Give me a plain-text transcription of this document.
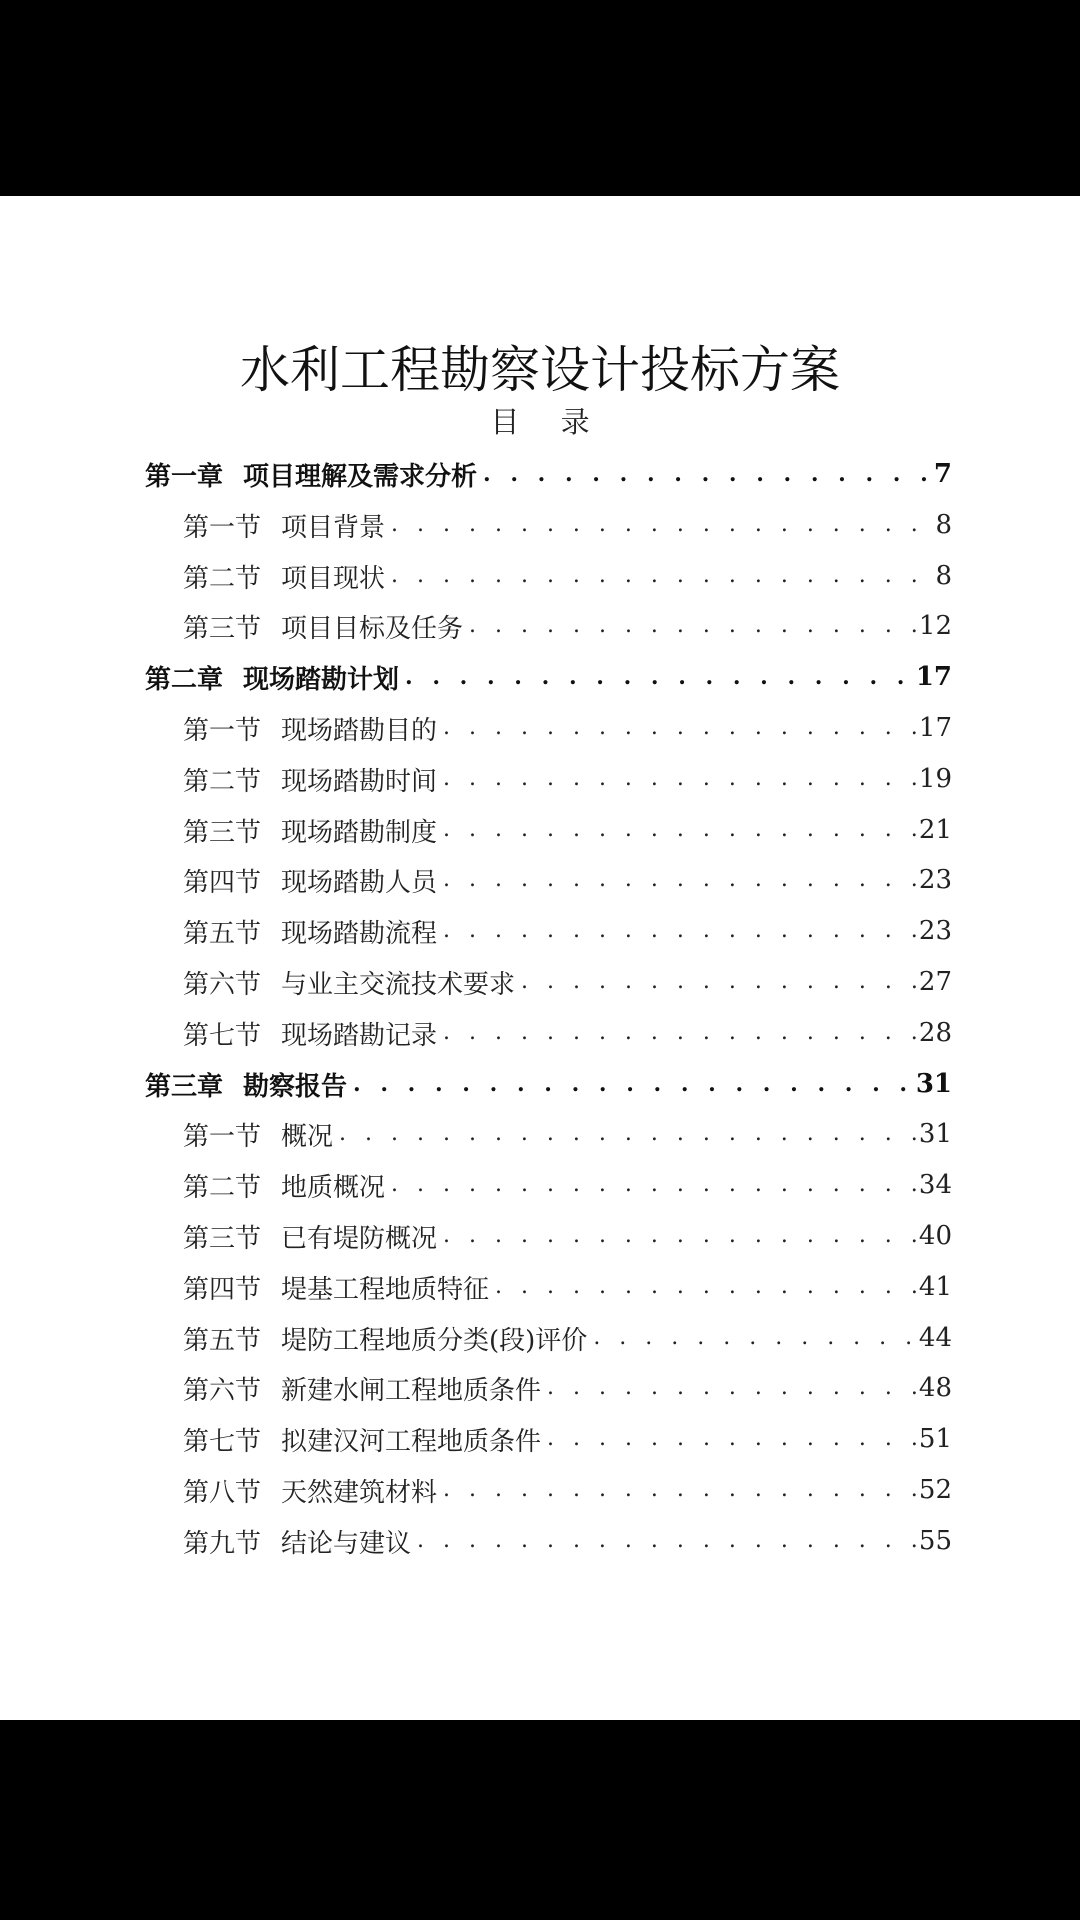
水利工程勘察设计投标方案
目 录
第一章 项目理解及需求分析 . . .	7
第一节 项目背景 . . .	8
第二节 项目现状 . . .	8
第三节 项目目标及任务 . . .	12
第二章 现场踏勘计划 . . .	17
第一节 现场踏勘目的 . . .	17
第二节 现场踏勘时间 . . .	19
第三节 现场踏勘制度 . . .	21
第四节 现场踏勘人员 . . .	23
第五节 现场踏勘流程 . . .	23
第六节 与业主交流技术要求 . . .	27
第七节 现场踏勘记录 . . .	28
第三章 勘察报告 . . .	31
第一节 概况 . . .	31
第二节 地质概况 . . .	34
第三节 已有堤防概况 . . .	40
第四节 堤基工程地质特征 . . .	41
第五节 堤防工程地质分类(段)评价 . . .	44
第六节 新建水闸工程地质条件 . . .	48
第七节 拟建汉河工程地质条件 . . .	51
第八节 天然建筑材料 . . .	52
第九节 结论与建议 . . .	55
